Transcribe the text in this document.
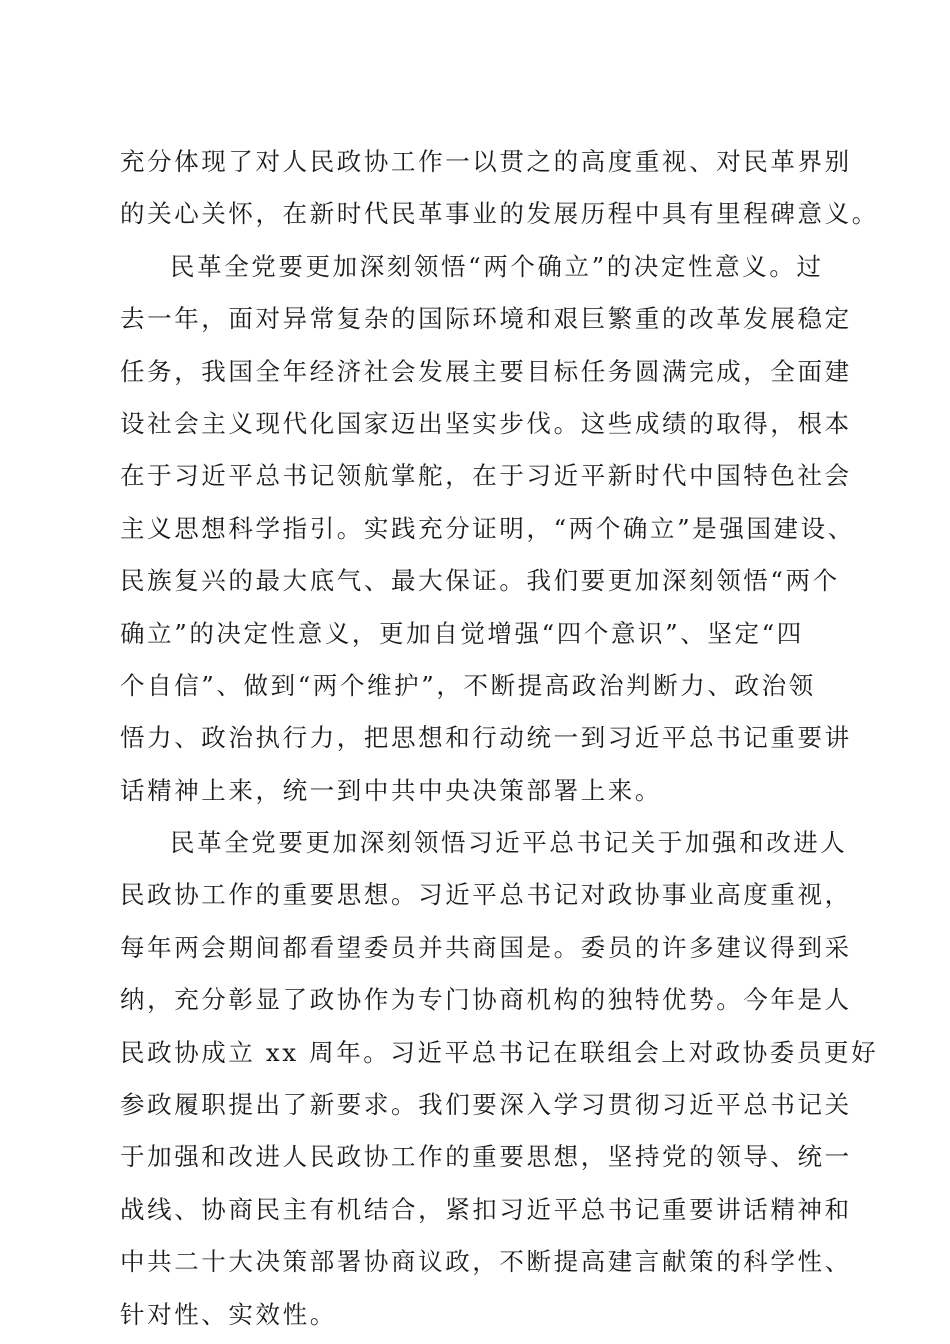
充分体现了对人民政协工作一以贯之的高度重视、对民革界别
的关心关怀，在新时代民革事业的发展历程中具有里程碑意义。
民革全党要更加深刻领悟“两个确立”的决定性意义。过
去一年，面对异常复杂的国际环境和艰巨繁重的改革发展稳定
任务，我国全年经济社会发展主要目标任务圆满完成，全面建
设社会主义现代化国家迈出坚实步伐。这些成绩的取得，根本
在于习近平总书记领航掌舵，在于习近平新时代中国特色社会
主义思想科学指引。实践充分证明，“两个确立”是强国建设、
民族复兴的最大底气、最大保证。我们要更加深刻领悟“两个
确立”的决定性意义，更加自觉增强“四个意识”、坚定“四
个自信”、做到“两个维护”，不断提高政治判断力、政治领
悟力、政治执行力，把思想和行动统一到习近平总书记重要讲
话精神上来，统一到中共中央决策部署上来。
民革全党要更加深刻领悟习近平总书记关于加强和改进人
民政协工作的重要思想。习近平总书记对政协事业高度重视，
每年两会期间都看望委员并共商国是。委员的许多建议得到采
纳，充分彰显了政协作为专门协商机构的独特优势。今年是人
民政协成立 xx 周年。习近平总书记在联组会上对政协委员更好
参政履职提出了新要求。我们要深入学习贯彻习近平总书记关
于加强和改进人民政协工作的重要思想，坚持党的领导、统一
战线、协商民主有机结合，紧扣习近平总书记重要讲话精神和
中共二十大决策部署协商议政，不断提高建言献策的科学性、
针对性、实效性。
